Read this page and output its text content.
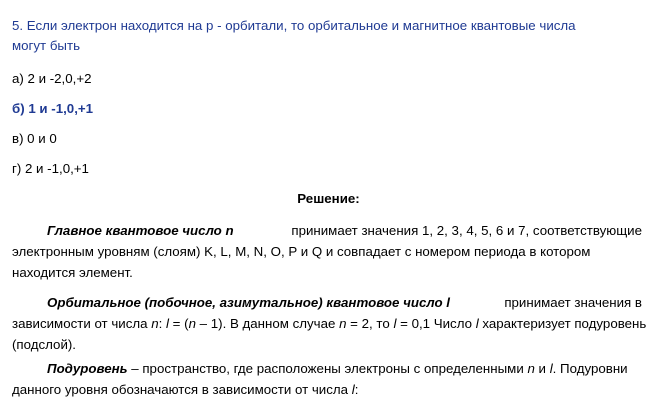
5. Если электрон находится на p - орбитали, то орбитальное и магнитное квантовые числа
могут быть
а) 2 и -2,0,+2
б) 1 и -1,0,+1
в) 0 и 0
г) 2 и -1,0,+1
Решение:
Главное квантовое число n	принимает значения 1, 2, 3, 4, 5, 6 и 7, соответствующие
электронным уровням (слоям) K, L, M, N, O, P и Q и совпадает с номером периода в котором
находится элемент.
Орбитальное (побочное, азимутальное) квантовое число l	принимает значения в
зависимости от числа n: l = (n – 1). В данном случае n = 2, то l = 0,1 Число l характеризует подуровень
(подслой).
Подуровень – пространство, где расположены электроны с определенными n и l. Подуровни
данного уровня обозначаются в зависимости от числа l:
